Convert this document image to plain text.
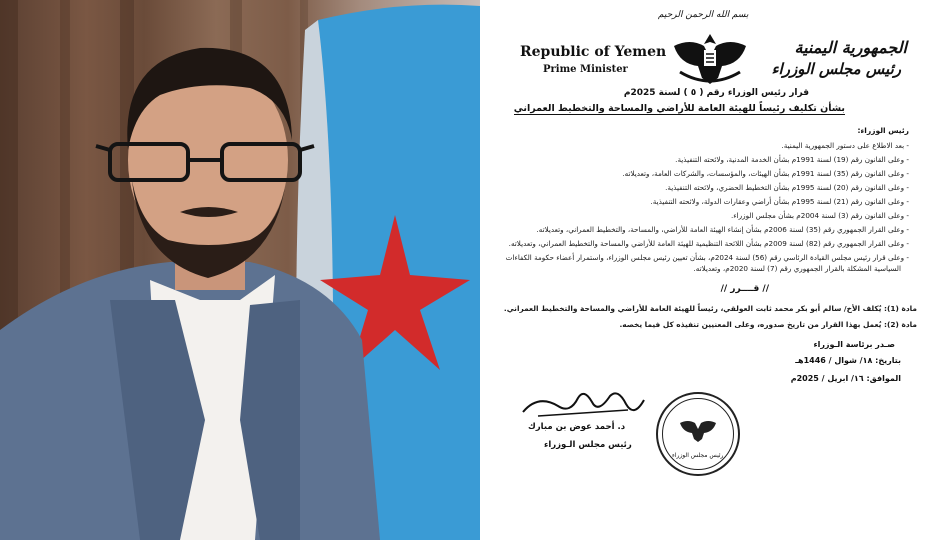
بسم الله الرحمن الرحيم
Republic of Yemen
Prime Minister
الجمهورية اليمنية
رئيس مجلس الوزراء
قرار رئيس الوزراء رقم ( ٥ ) لسنة 2025م
بشأن تكليف رئيساً للهيئة العامة للأراضي والمساحة والتخطيط العمراني
رئيس الوزراء:
- بعد الاطلاع على دستور الجمهورية اليمنية.
- وعلى القانون رقم (19) لسنة 1991م بشأن الخدمة المدنية، ولائحته التنفيذية.
- وعلى القانون رقم (35) لسنة 1991م بشأن الهيئات، والمؤسسات، والشركات العامة، وتعديلاته.
- وعلى القانون رقم (20) لسنة 1995م بشأن التخطيط الحضري، ولائحته التنفيذية.
- وعلى القانون رقم (21) لسنة 1995م بشأن أراضي وعقارات الدولة، ولائحته التنفيذية.
- وعلى القانون رقم (3) لسنة 2004م بشأن مجلس الوزراء.
- وعلى القرار الجمهوري رقم (35) لسنة 2006م بشأن إنشاء الهيئة العامة للأراضي، والمساحة، والتخطيط العمراني، وتعديلاته.
- وعلى القرار الجمهوري رقم (82) لسنة 2009م بشأن اللائحة التنظيمية للهيئة العامة للأراضي والمساحة والتخطيط العمراني، وتعديلاته.
- وعلى قرار رئيس مجلس القيادة الرئاسي رقم (56) لسنة 2024م، بشأن تعيين رئيس مجلس الوزراء، واستمرار أعضاء حكومة الكفاءات
السياسية المشكلة بالقرار الجمهوري رقم (7) لسنة 2020م، وتعديلاته.
// قــــرر //
مادة (1): يُكلف الأخ/ سالم أبو بكر محمد ثابت العولقي، رئيساً للهيئة العامة للأراضي والمساحة والتخطيط العمراني.
مادة (2): يُعمل بهذا القرار من تاريخ صدوره، وعلى المعنيين تنفيذه كل فيما يخصه.
صـدر برئاسة الـوزراء
بتاريخ: ١٨/ شوال / 1446هـ
الموافق: ١٦/ ابريل / 2025م
د. أحمد عوض بن مبارك
رئيس مجلس الـوزراء
رئيس مجلس الوزراء
